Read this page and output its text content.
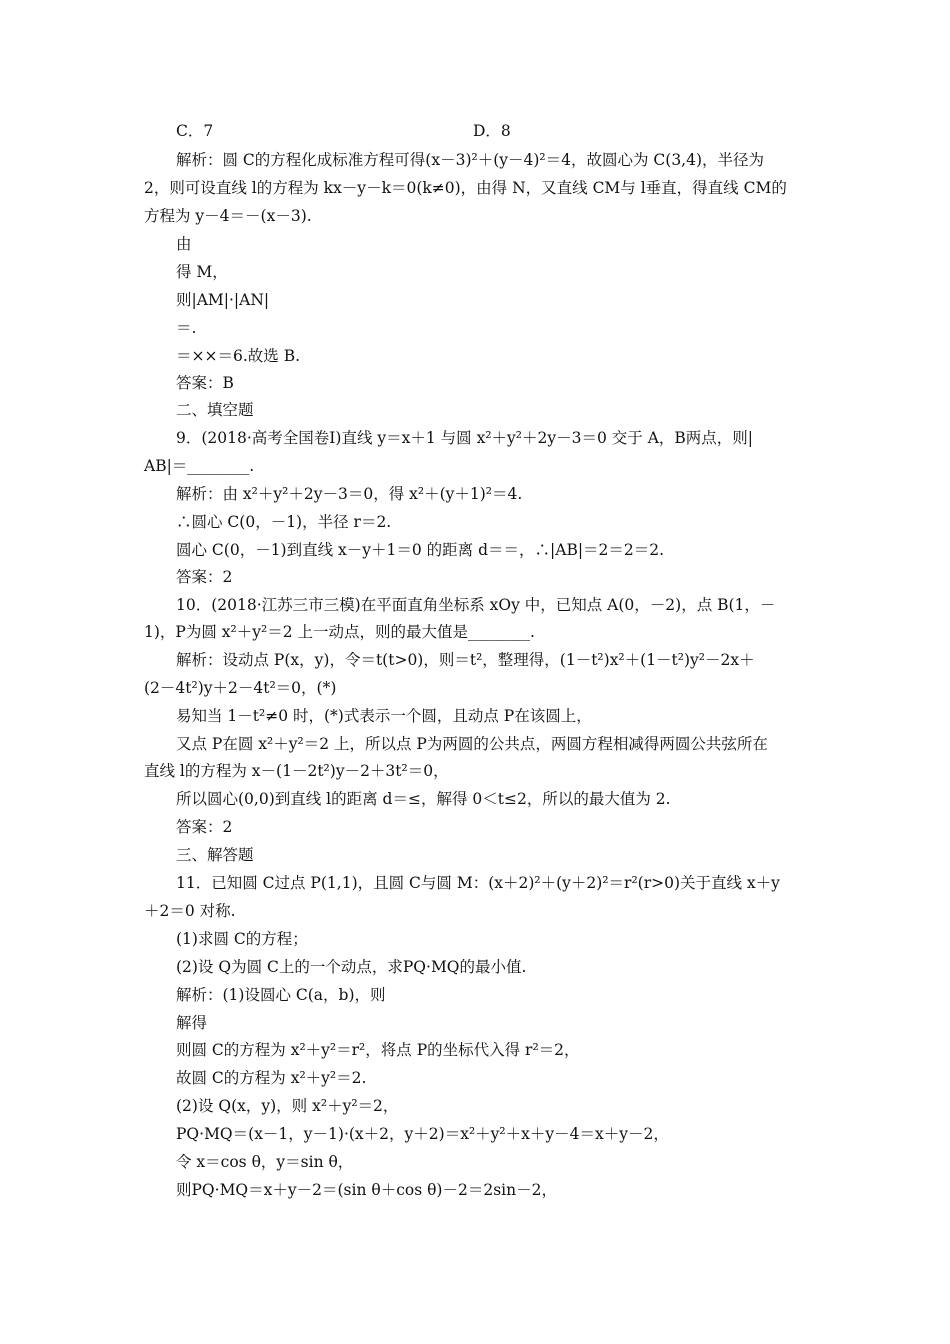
C．7	D．8
解析：圆 C的方程化成标准方程可得(x－3)²＋(y－4)²＝4，故圆心为 C(3,4)，半径为
2，则可设直线 l的方程为 kx－y－k＝0(k≠0)，由得 N，又直线 CM与 l垂直，得直线 CM的
方程为 y－4＝－(x－3).
由
得 M，
则|AM|·|AN|
＝.
＝××＝6.故选 B.
答案：B
二、填空题
9．(2018·高考全国卷Ⅰ)直线 y＝x＋1 与圆 x²＋y²＋2y－3＝0 交于 A，B两点，则|
AB|＝________.
解析：由 x²＋y²＋2y－3＝0，得 x²＋(y＋1)²＝4.
∴圆心 C(0，－1)，半径 r＝2.
圆心 C(0，－1)到直线 x－y＋1＝0 的距离 d＝＝，∴|AB|＝2＝2＝2.
答案：2
10．(2018·江苏三市三模)在平面直角坐标系 xOy 中，已知点 A(0，－2)，点 B(1，－
1)，P为圆 x²＋y²＝2 上一动点，则的最大值是________.
解析：设动点 P(x，y)，令＝t(t>0)，则＝t²，整理得，(1－t²)x²＋(1－t²)y²－2x＋
(2－4t²)y＋2－4t²＝0，(*)
易知当 1－t²≠0 时，(*)式表示一个圆，且动点 P在该圆上，
又点 P在圆 x²＋y²＝2 上，所以点 P为两圆的公共点，两圆方程相减得两圆公共弦所在
直线 l的方程为 x－(1－2t²)y－2＋3t²＝0，
所以圆心(0,0)到直线 l的距离 d＝≤，解得 0＜t≤2，所以的最大值为 2.
答案：2
三、解答题
11．已知圆 C过点 P(1,1)，且圆 C与圆 M：(x＋2)²＋(y＋2)²＝r²(r>0)关于直线 x＋y
＋2＝0 对称.
(1)求圆 C的方程；
(2)设 Q为圆 C上的一个动点，求PQ·MQ的最小值.
解析：(1)设圆心 C(a，b)，则
解得
则圆 C的方程为 x²＋y²＝r²，将点 P的坐标代入得 r²＝2，
故圆 C的方程为 x²＋y²＝2.
(2)设 Q(x，y)，则 x²＋y²＝2，
PQ·MQ＝(x－1，y－1)·(x＋2，y＋2)＝x²＋y²＋x＋y－4＝x＋y－2，
令 x＝cos θ，y＝sin θ，
则PQ·MQ＝x＋y－2＝(sin θ＋cos θ)－2＝2sin－2，
